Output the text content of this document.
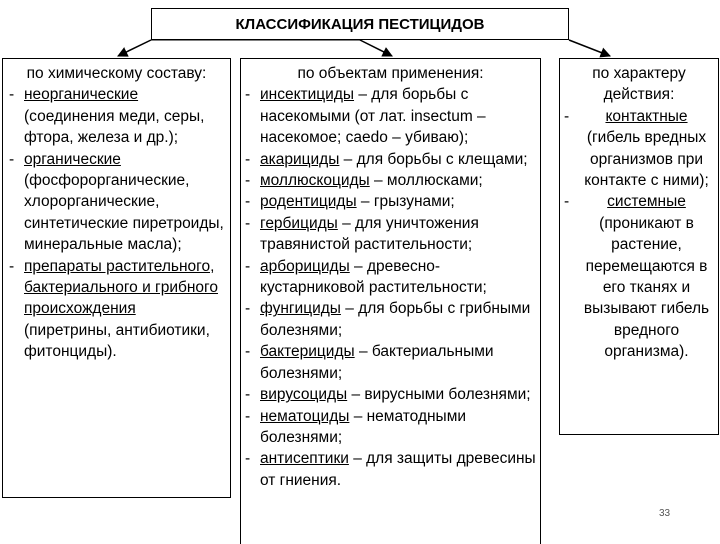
КЛАССИФИКАЦИЯ ПЕСТИЦИДОВ
по химическому составу:
- неорганические (соединения меди, серы, фтора, железа и др.);
- органические (фосфорорганические, хлорорганические, синтетические пиретроиды, минеральные масла);
- препараты растительного, бактериального и грибного происхождения (пиретрины, антибиотики, фитонциды).
по объектам применения:
- инсектициды – для борьбы с насекомыми (от лат. insectum – насекомое; caedo – убиваю);
- акарициды – для борьбы с клещами;
- моллюскоциды – моллюсками;
- родентициды – грызунами;
- гербициды – для уничтожения травянистой растительности;
- арборициды – древесно-кустарниковой растительности;
- фунгициды – для борьбы с грибными болезнями;
- бактерициды – бактериальными болезнями;
- вирусоциды – вирусными болезнями;
- нематоциды – нематодными болезнями;
- антисептики – для защиты древесины от гниения.
по характеру действия:
-	контактные (гибель вредных организмов при контакте с ними);
-	системные (проникают в растение, перемещаются в его тканях и вызывают гибель вредного организма).
33
